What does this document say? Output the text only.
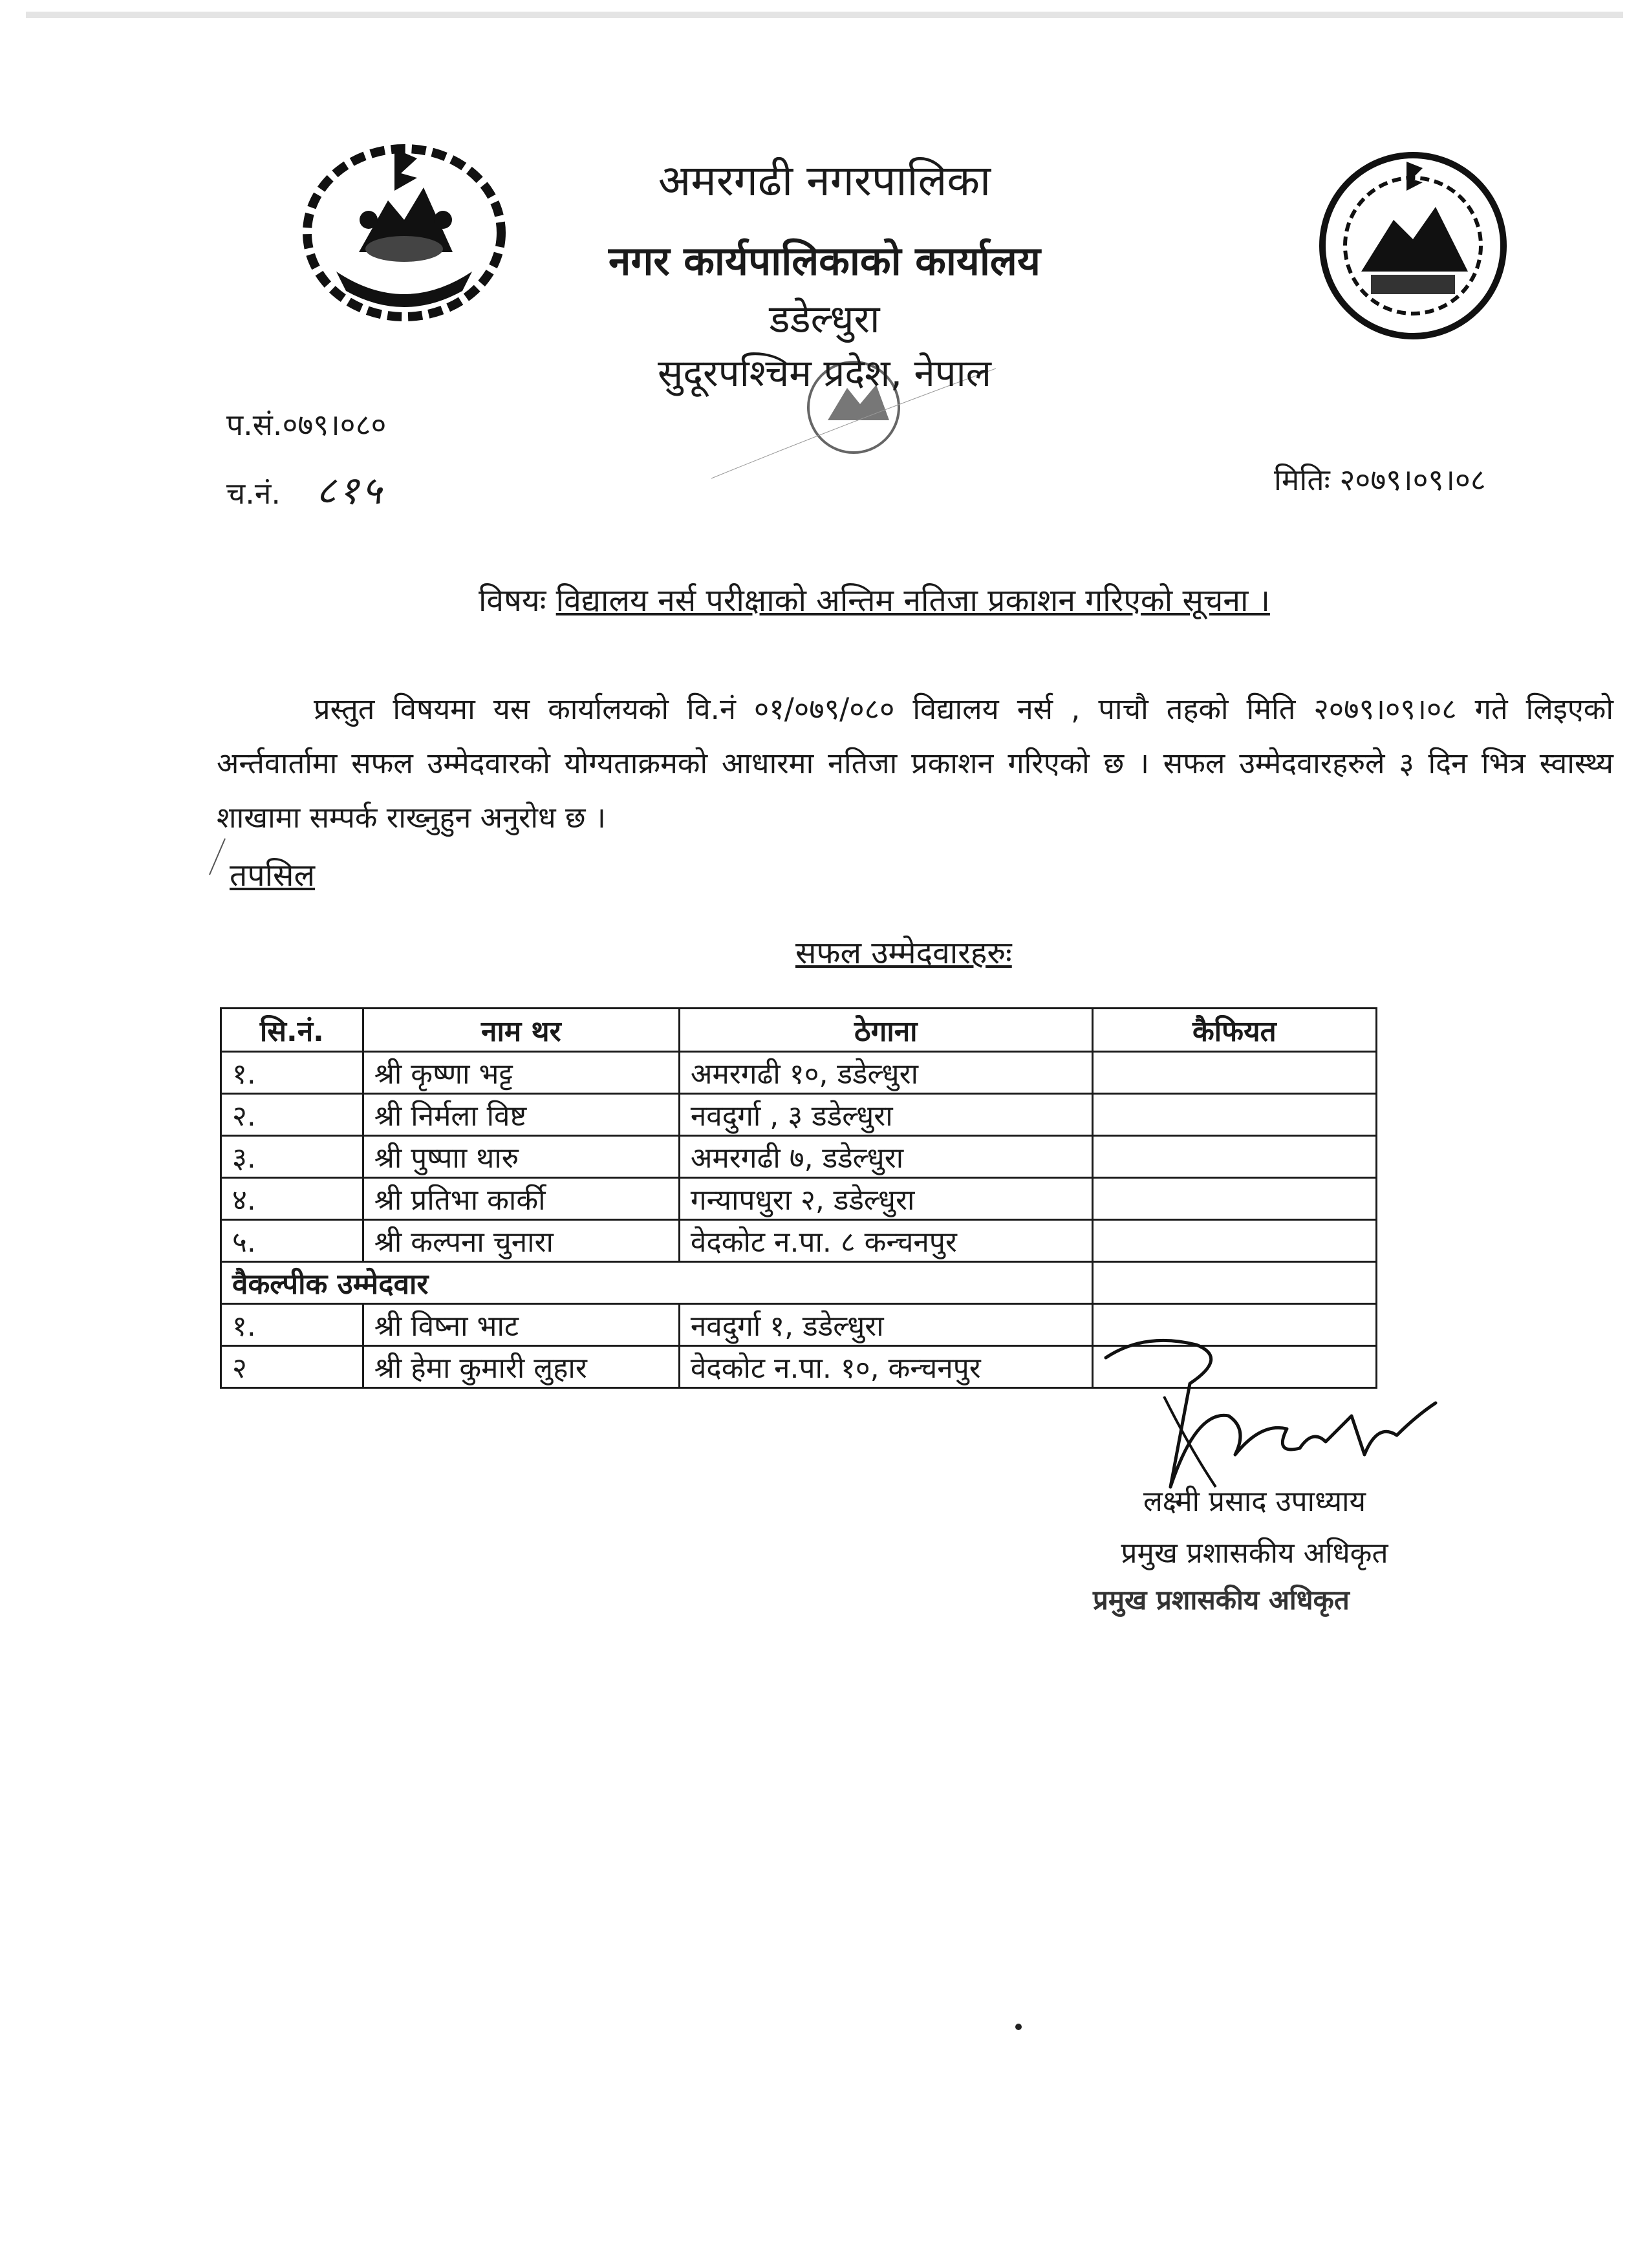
अमरगढी नगरपालिका
नगर कार्यपालिकाको कार्यालय
डडेल्धुरा
सुदूरपश्चिम प्रदेश, नेपाल
प.सं.०७९।०८०
च.नं. ८१५	मितिः २०७९।०९।०८
विषयः विद्यालय नर्स परीक्षाको अन्तिम नतिजा प्रकाशन गरिएको सूचना ।
प्रस्तुत विषयमा यस कार्यालयको वि.नं ०१/०७९/०८० विद्यालय नर्स , पाचौ तहको मिति २०७९।०९।०८ गते लिइएको अर्न्तवार्तामा सफल उम्मेदवारको योग्यताक्रमको आधारमा नतिजा प्रकाशन गरिएको छ । सफल उम्मेदवारहरुले ३ दिन भित्र स्वास्थ्य शाखामा सम्पर्क राख्नुहुन अनुरोध छ ।
तपसिल
सफल उम्मेदवारहरुः
सि.नं.	नाम थर	ठेगाना	कैफियत
१.	श्री कृष्णा भट्ट	अमरगढी १०, डडेल्धुरा	
२.	श्री निर्मला विष्ट	नवदुर्गा , ३ डडेल्धुरा	
३.	श्री पुष्पाा थारु	अमरगढी ७, डडेल्धुरा	
४.	श्री प्रतिभा कार्की	गन्यापधुरा २, डडेल्धुरा	
५.	श्री कल्पना चुनारा	वेदकोट न.पा. ८ कन्चनपुर	
वैकल्पीक उम्मेदवार			
१.	श्री विष्ना भाट	नवदुर्गा १, डडेल्धुरा	
२	श्री हेमा कुमारी लुहार	वेदकोट न.पा. १०, कन्चनपुर	
लक्ष्मी प्रसाद उपाध्याय
प्रमुख प्रशासकीय अधिकृत
प्रमुख प्रशासकीय अधिकृत
